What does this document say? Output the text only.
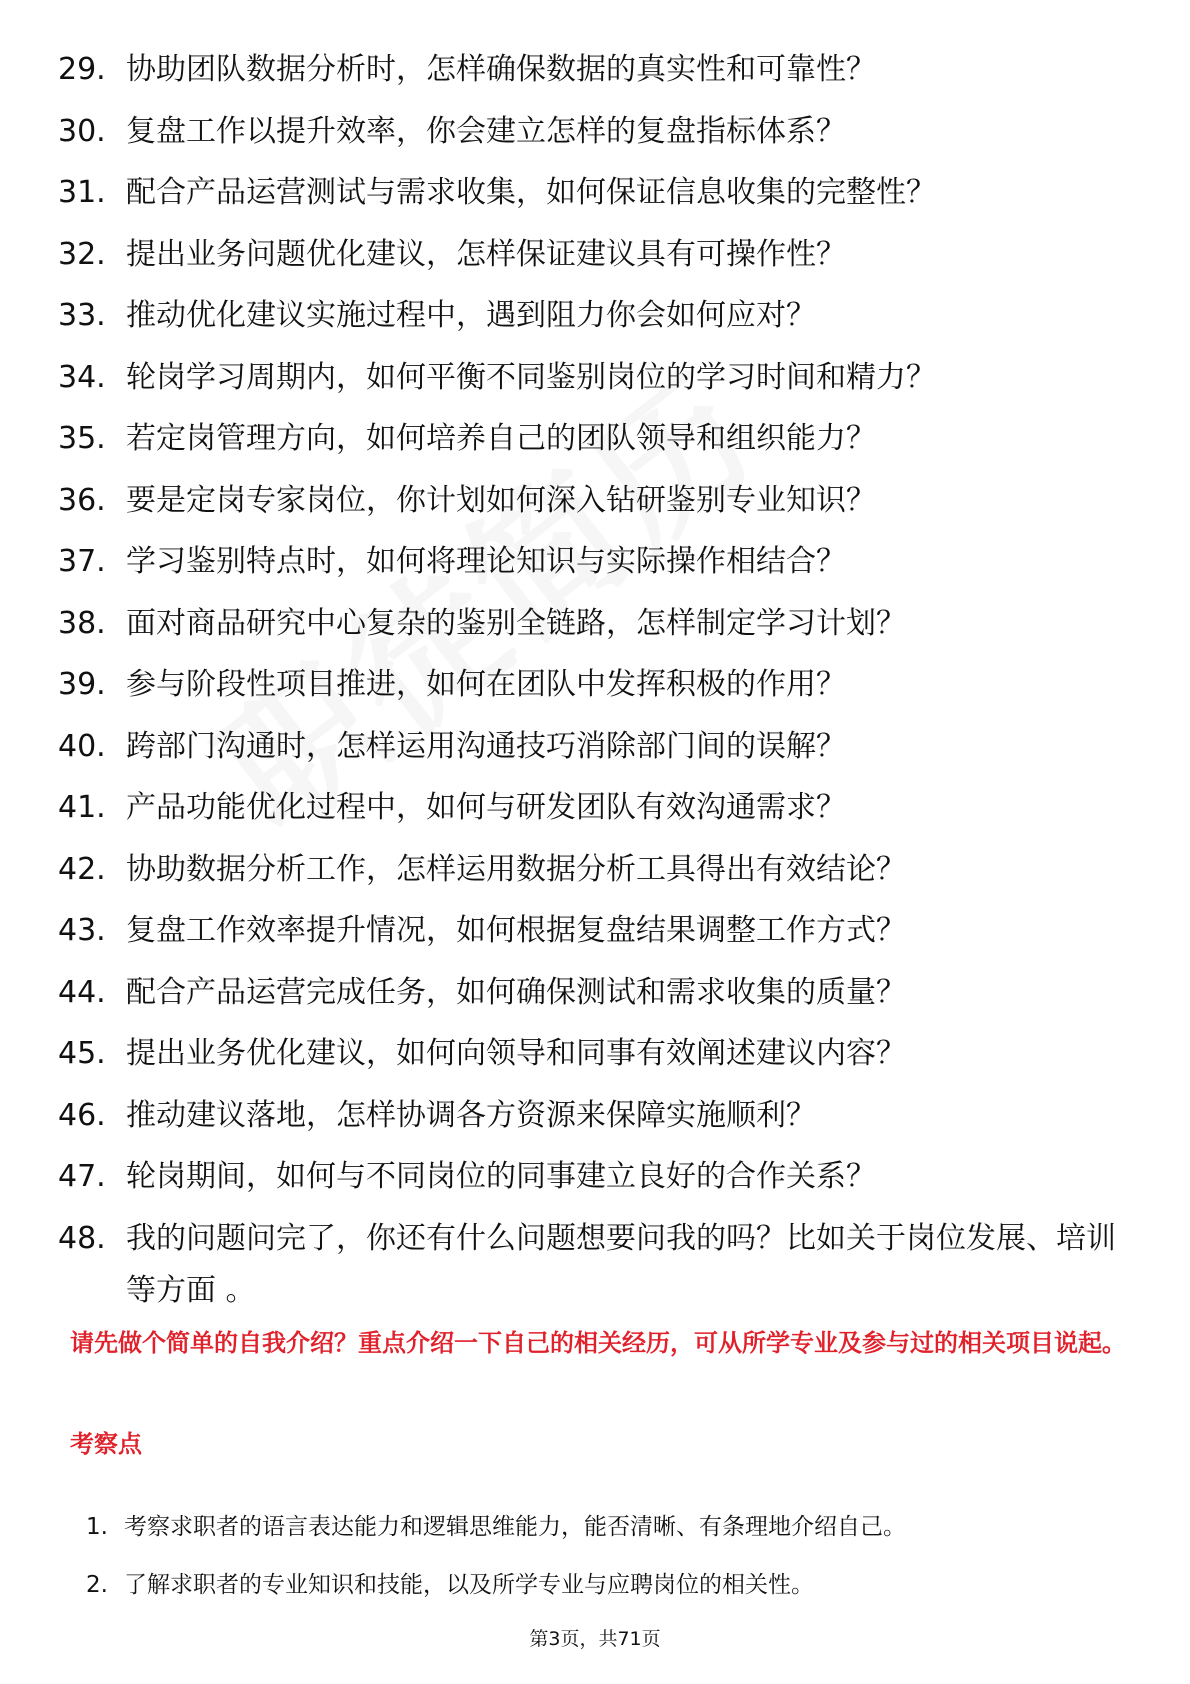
29. 协助团队数据分析时，怎样确保数据的真实性和可靠性？
30. 复盘工作以提升效率，你会建立怎样的复盘指标体系？
31. 配合产品运营测试与需求收集，如何保证信息收集的完整性？
32. 提出业务问题优化建议，怎样保证建议具有可操作性？
33. 推动优化建议实施过程中，遇到阻力你会如何应对？
34. 轮岗学习周期内，如何平衡不同鉴别岗位的学习时间和精力？
35. 若定岗管理方向，如何培养自己的团队领导和组织能力？
36. 要是定岗专家岗位，你计划如何深入钻研鉴别专业知识？
37. 学习鉴别特点时，如何将理论知识与实际操作相结合？
38. 面对商品研究中心复杂的鉴别全链路，怎样制定学习计划？
39. 参与阶段性项目推进，如何在团队中发挥积极的作用？
40. 跨部门沟通时，怎样运用沟通技巧消除部门间的误解？
41. 产品功能优化过程中，如何与研发团队有效沟通需求？
42. 协助数据分析工作，怎样运用数据分析工具得出有效结论？
43. 复盘工作效率提升情况，如何根据复盘结果调整工作方式？
44. 配合产品运营完成任务，如何确保测试和需求收集的质量？
45. 提出业务优化建议，如何向领导和同事有效阐述建议内容？
46. 推动建议落地，怎样协调各方资源来保障实施顺利？
47. 轮岗期间，如何与不同岗位的同事建立良好的合作关系？
48. 我的问题问完了，你还有什么问题想要问我的吗？比如关于岗位发展、培训等方面 。

请先做个简单的自我介绍？重点介绍一下自己的相关经历，可从所学专业及参与过的相关项目说起。

考察点

1. 考察求职者的语言表达能力和逻辑思维能力，能否清晰、有条理地介绍自己。
2. 了解求职者的专业知识和技能，以及所学专业与应聘岗位的相关性。
第3页，共71页
